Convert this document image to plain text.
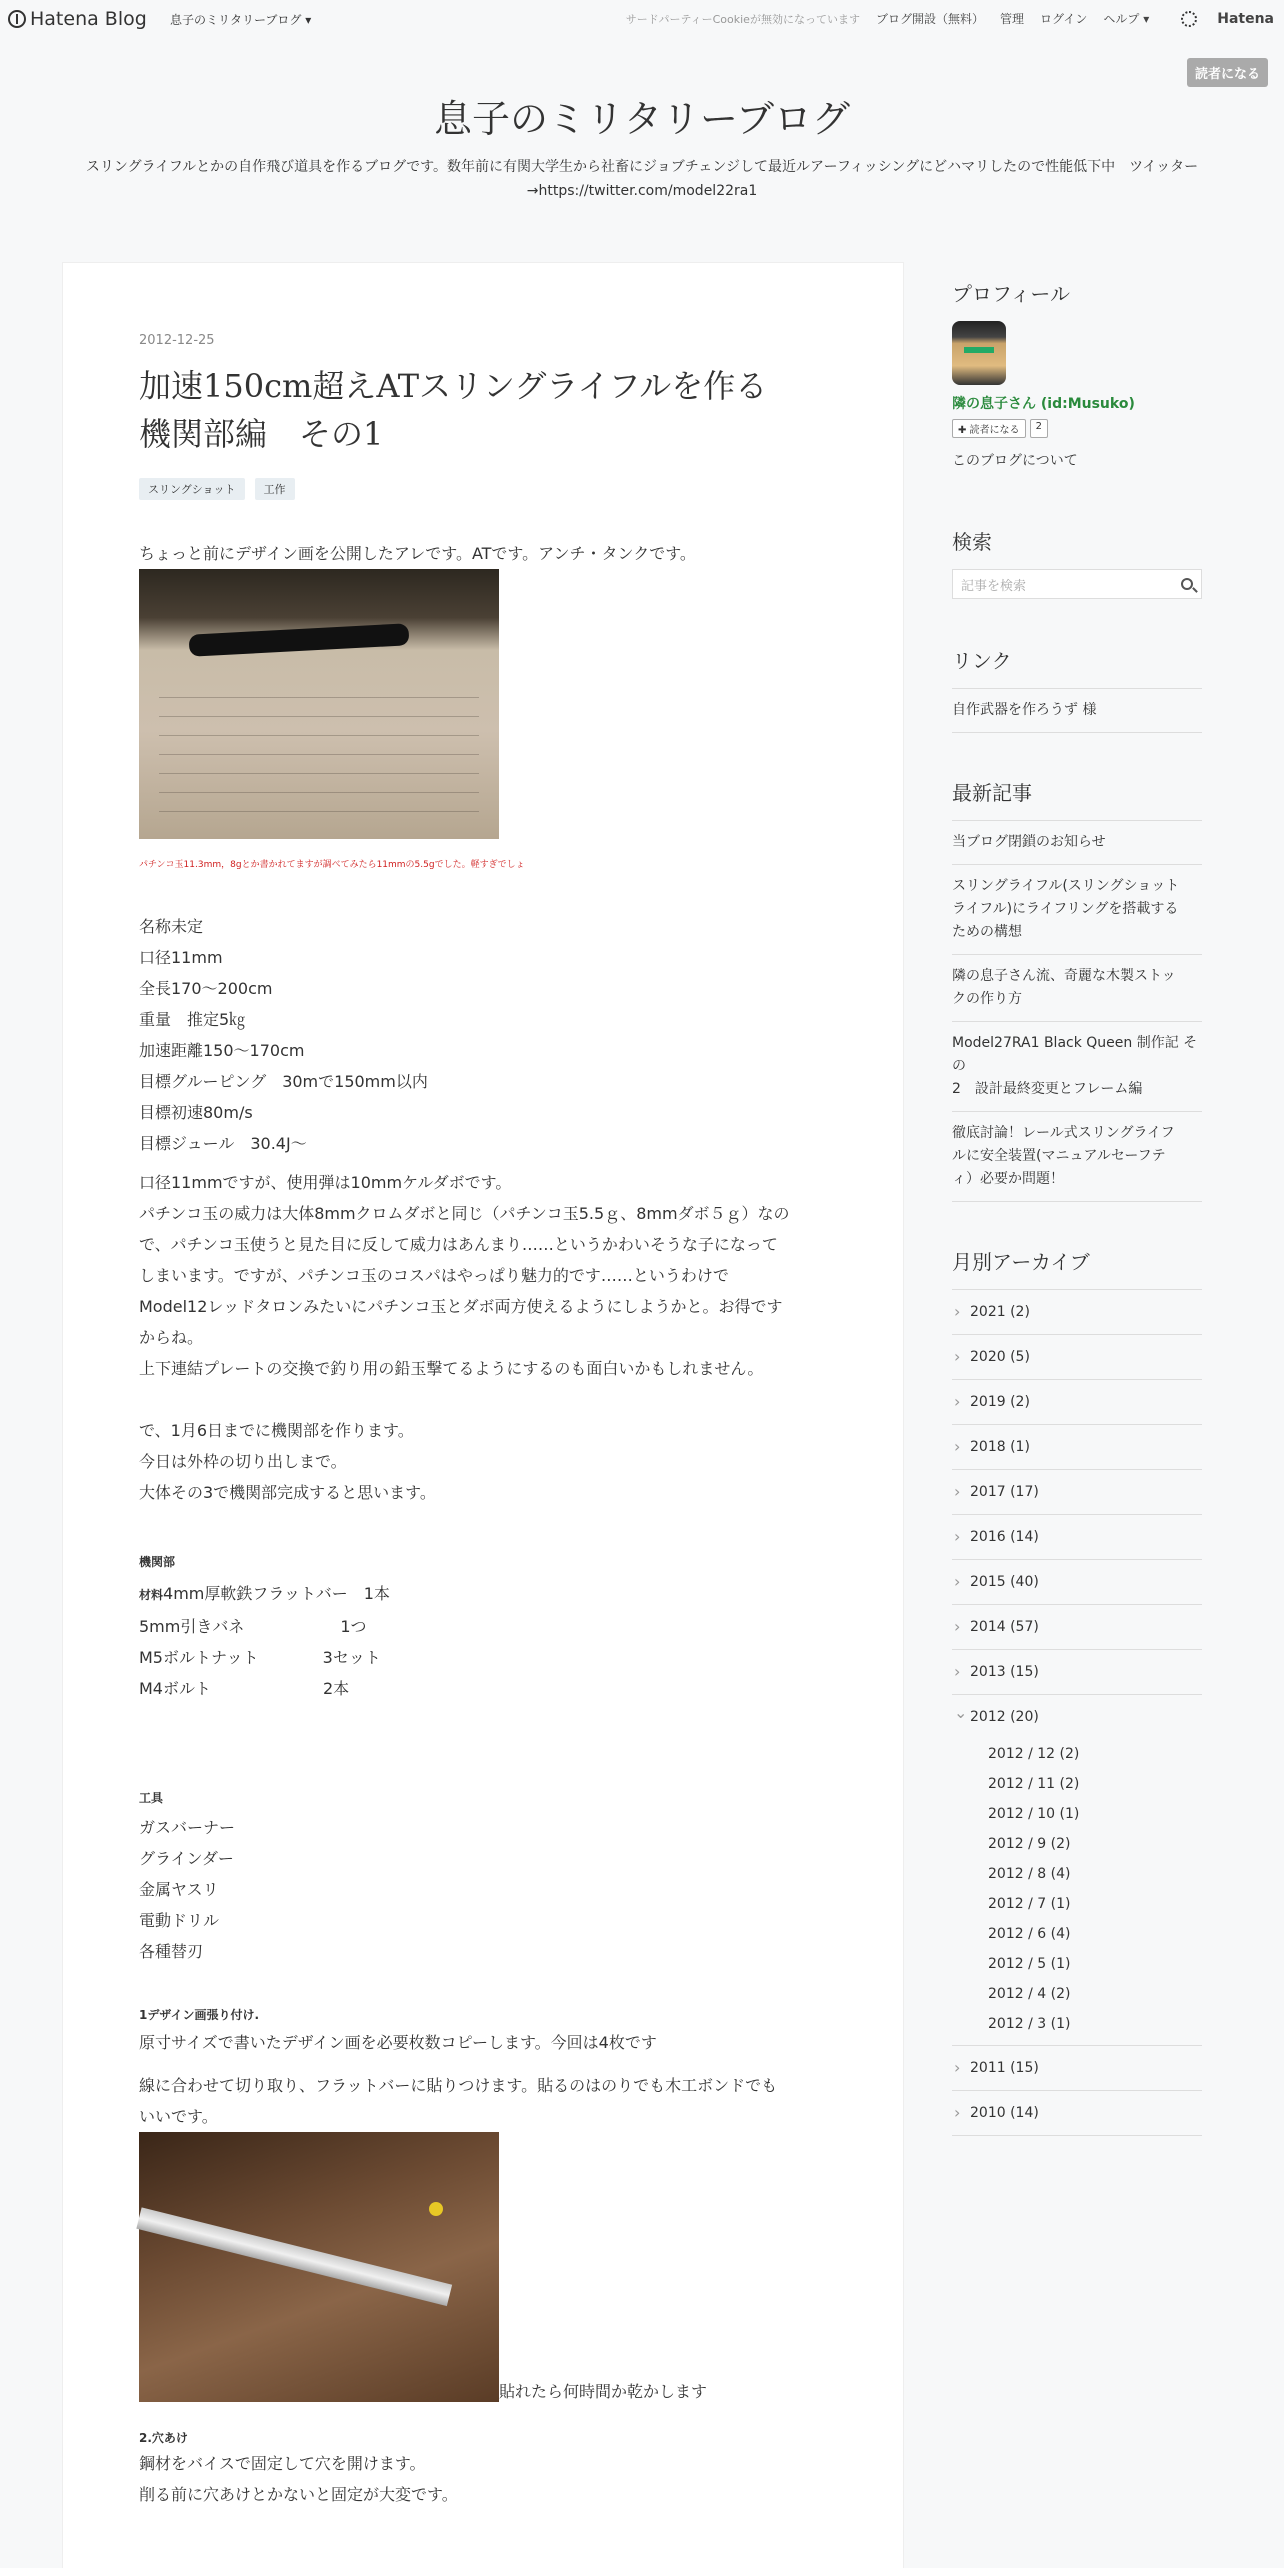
Hatena Blog 息子のミリタリーブログ ▾	サードパーティーCookieが無効になっています ブログ開設（無料） 管理 ログイン ヘルプ ▾	Hatena
読者になる
息子のミリタリーブログ
スリングライフルとかの自作飛び道具を作るブログです。数年前に有関大学生から社畜にジョブチェンジして最近ルアーフィッシングにどハマリしたので性能低下中　ツイッター→https://twitter.com/model22ra1
2012-12-25
加速150cm超えATスリングライフルを作る　機関部編　その1
スリングショット	工作

ちょっと前にデザイン画を公開したアレです。ATです。アンチ・タンクです。

パチンコ玉11.3mm，8gとか書かれてますが調べてみたら11mmの5.5gでした。軽すぎでしょ

名称未定

口径11mm

全長170〜200cm

重量　推定5㎏

加速距離150〜170cm

目標グルーピング　30mで150mm以内

目標初速80m/s

目標ジュール　30.4J〜

口径11mmですが、使用弾は10mmケルダボです。

パチンコ玉の威力は大体8mmクロムダボと同じ（パチンコ玉5.5ｇ、8mmダボ５ｇ）なの

で、パチンコ玉使うと見た目に反して威力はあんまり……というかわいそうな子になって

しまいます。ですが、パチンコ玉のコスパはやっぱり魅力的です……というわけで

Model12レッドタロンみたいにパチンコ玉とダボ両方使えるようにしようかと。お得です

からね。

上下連結プレートの交換で釣り用の鉛玉撃てるようにするのも面白いかもしれません。

で、1月6日までに機関部を作ります。

今日は外枠の切り出しまで。

大体その3で機関部完成すると思います。

機関部

材料4mm厚軟鉄フラットバー　1本

5mm引きバネ　　　　　　1つ

M5ボルトナット　　　　3セット

M4ボルト　　　　　　　2本

工具

ガスバーナー

グラインダー

金属ヤスリ

電動ドリル

各種替刃

1デザイン画張り付け.

原寸サイズで書いたデザイン画を必要枚数コピーします。今回は4枚です

線に合わせて切り取り、フラットバーに貼りつけます。貼るのはのりでも木工ボンドでも

いいです。

貼れたら何時間か乾かします

2.穴あけ

鋼材をバイスで固定して穴を開けます。

削る前に穴あけとかないと固定が大変です。

プロフィール
隣の息子さん (id:Musuko)
✚ 読者になる	2
このブログについて
検索
記事を検索
リンク
自作武器を作ろうず 様
最新記事
当ブログ閉鎖のお知らせ
スリングライフル(スリングショット
ライフル)にライフリングを搭載する
ための構想
隣の息子さん流、奇麗な木製ストッ
クの作り方
Model27RA1 Black Queen 制作記 その
2　設計最終変更とフレーム編
徹底討論！レール式スリングライフ
ルに安全装置(マニュアルセーフテ
ィ）必要か問題！
月別アーカイブ
› 2021 (2)
› 2020 (5)
› 2019 (2)
› 2018 (1)
› 2017 (17)
› 2016 (14)
› 2015 (40)
› 2014 (57)
› 2013 (15)
⌄ 2012 (20)
2012 / 12 (2)
2012 / 11 (2)
2012 / 10 (1)
2012 / 9 (2)
2012 / 8 (4)
2012 / 7 (1)
2012 / 6 (4)
2012 / 5 (1)
2012 / 4 (2)
2012 / 3 (1)
› 2011 (15)
› 2010 (14)
